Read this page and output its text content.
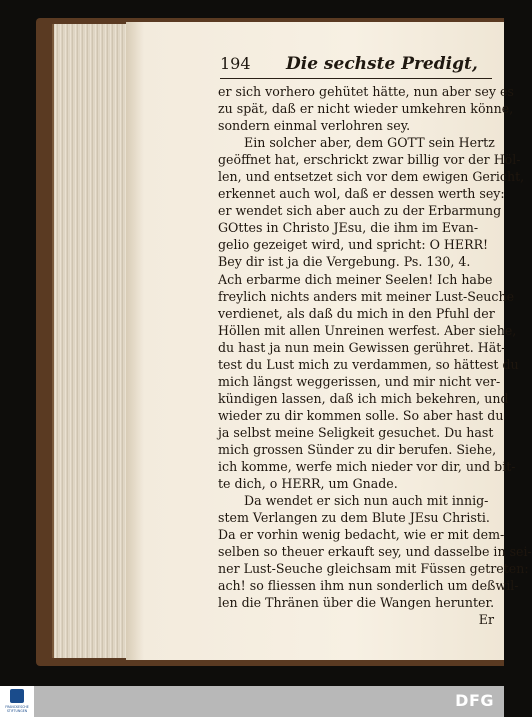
194 Die sechste Predigt,
er sich vorhero gehütet hätte, nun aber sey es
zu spät, daß er nicht wieder umkehren könne,
sondern einmal verlohren sey.
Ein solcher aber, dem GOTT sein Hertz
geöffnet hat, erschrickt zwar billig vor der Höl-
len, und entsetzet sich vor dem ewigen Gericht,
erkennet auch wol, daß er dessen werth sey:
er wendet sich aber auch zu der Erbarmung
GOttes in Christo JEsu, die ihm im Evan-
gelio gezeiget wird, und spricht: O HERR!
Bey dir ist ja die Vergebung. Ps. 130, 4.
Ach erbarme dich meiner Seelen! Ich habe
freylich nichts anders mit meiner Lust-Seuche
verdienet, als daß du mich in den Pfuhl der
Höllen mit allen Unreinen werfest. Aber siehe,
du hast ja nun mein Gewissen gerühret. Hät-
test du Lust mich zu verdammen, so hättest du
mich längst weggerissen, und mir nicht ver-
kündigen lassen, daß ich mich bekehren, und
wieder zu dir kommen solle. So aber hast du
ja selbst meine Seligkeit gesuchet. Du hast
mich grossen Sünder zu dir berufen. Siehe,
ich komme, werfe mich nieder vor dir, und bit-
te dich, o HERR, um Gnade.
Da wendet er sich nun auch mit innig-
stem Verlangen zu dem Blute JEsu Christi.
Da er vorhin wenig bedacht, wie er mit dem-
selben so theuer erkauft sey, und dasselbe in sei-
ner Lust-Seuche gleichsam mit Füssen getreten:
ach! so fliessen ihm nun sonderlich um deßwil-
len die Thränen über die Wangen herunter.
Er
FRANCKESCHE STIFTUNGEN
DFG
